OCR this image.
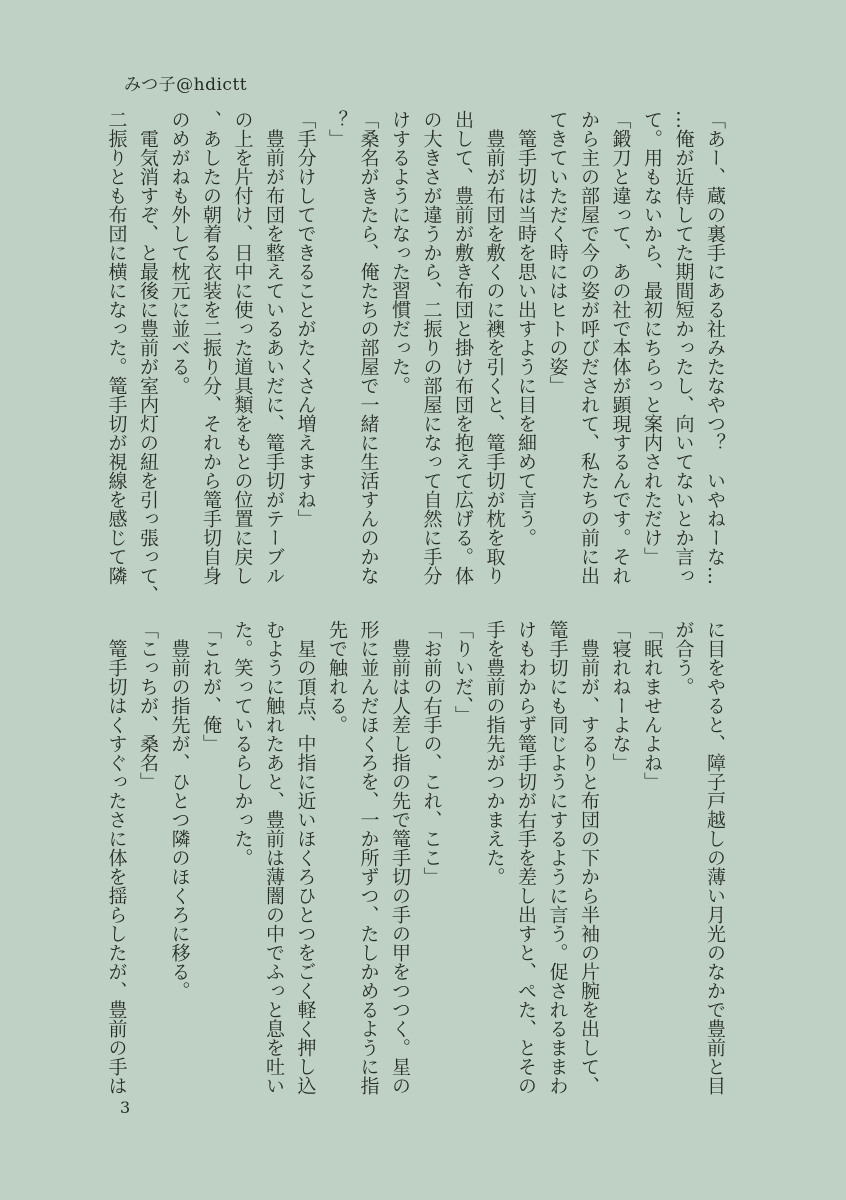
みつ子@hdictt

「あー、蔵の裏手にある社みたなやつ？　いやねーな……俺が近侍してた期間短かったし、向いてないとか言って。用もないから、最初にちらっと案内されただけ」

「鍛刀と違って、あの社で本体が顕現するんです。それから主の部屋で今の姿が呼びだされて、私たちの前に出てきていただく時にはヒトの姿」

　篭手切は当時を思い出すように目を細めて言う。

　豊前が布団を敷くのに襖を引くと、篭手切が枕を取り出して、豊前が敷き布団と掛け布団を抱えて広げる。体の大きさが違うから、二振りの部屋になって自然に手分けするようになった習慣だった。

「桑名がきたら、俺たちの部屋で一緒に生活すんのかな？」

「手分けしてできることがたくさん増えますね」

　豊前が布団を整えているあいだに、篭手切がテーブルの上を片付け、日中に使った道具類をもとの位置に戻し、あしたの朝着る衣装を二振り分、それから篭手切自身のめがねも外して枕元に並べる。

　電気消すぞ、と最後に豊前が室内灯の紐を引っ張って、二振りとも布団に横になった。篭手切が視線を感じて隣

に目をやると、障子戸越しの薄い月光のなかで豊前と目が合う。

「眠れませんよね」

「寝れねーよな」

　豊前が、するりと布団の下から半袖の片腕を出して、篭手切にも同じようにするように言う。促されるままわけもわからず篭手切が右手を差し出すと、ぺた、とその手を豊前の指先がつかまえた。

「りいだ、」

「お前の右手の、これ、ここ」

　豊前は人差し指の先で篭手切の手の甲をつつく。星の形に並んだほくろを、一か所ずつ、たしかめるように指先で触れる。

　星の頂点、中指に近いほくろひとつをごく軽く押し込むように触れたあと、豊前は薄闇の中でふっと息を吐いた。笑っているらしかった。

「これが、俺」

　豊前の指先が、ひとつ隣のほくろに移る。

「こっちが、桑名」

　篭手切はくすぐったさに体を揺らしたが、豊前の手は

3
